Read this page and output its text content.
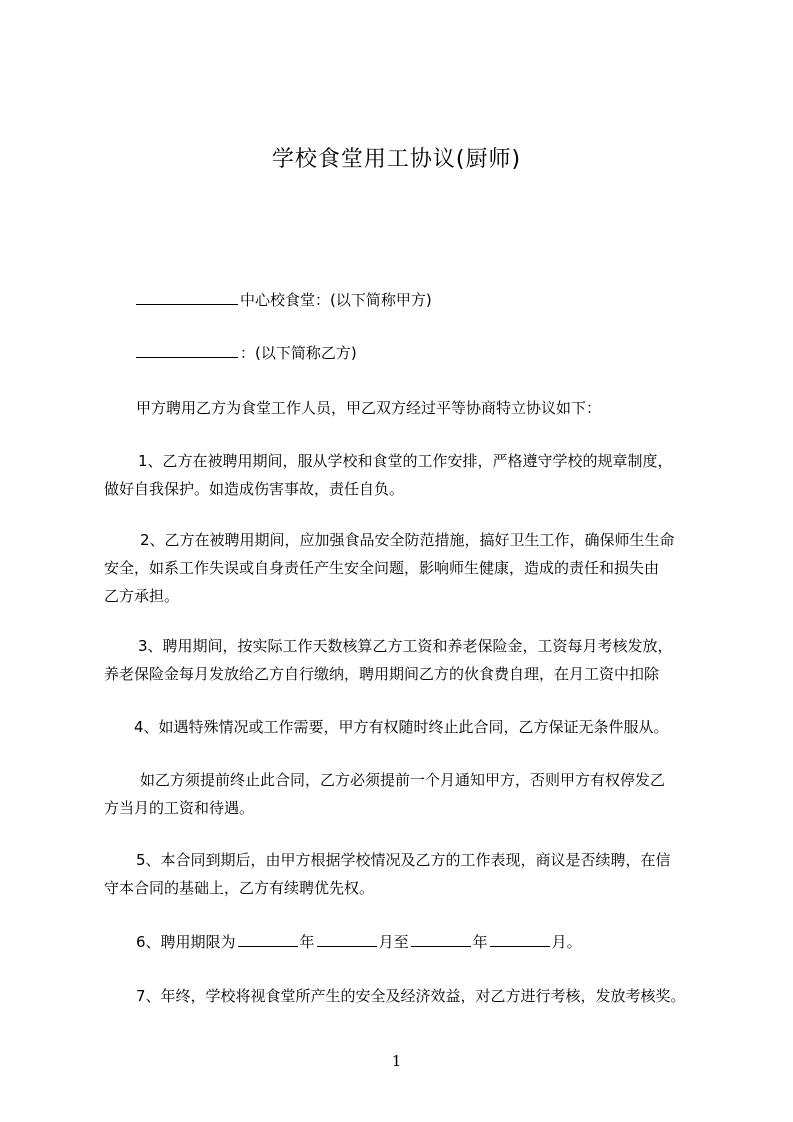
学校食堂用工协议(厨师)
中心校食堂：(以下简称甲方)
：(以下简称乙方)
甲方聘用乙方为食堂工作人员，甲乙双方经过平等协商特立协议如下：
1、乙方在被聘用期间，服从学校和食堂的工作安排，严格遵守学校的规章制度，
做好自我保护。如造成伤害事故，责任自负。
2、乙方在被聘用期间，应加强食品安全防范措施，搞好卫生工作，确保师生生命
安全，如系工作失误或自身责任产生安全问题，影响师生健康，造成的责任和损失由
乙方承担。
3、聘用期间，按实际工作天数核算乙方工资和养老保险金，工资每月考核发放，
养老保险金每月发放给乙方自行缴纳，聘用期间乙方的伙食费自理，在月工资中扣除
4、如遇特殊情况或工作需要，甲方有权随时终止此合同，乙方保证无条件服从。
如乙方须提前终止此合同，乙方必须提前一个月通知甲方，否则甲方有权停发乙
方当月的工资和待遇。
5、本合同到期后，由甲方根据学校情况及乙方的工作表现，商议是否续聘，在信
守本合同的基础上，乙方有续聘优先权。
6、聘用期限为	年	月至	年	月。
7、年终，学校将视食堂所产生的安全及经济效益，对乙方进行考核，发放考核奖。
1
